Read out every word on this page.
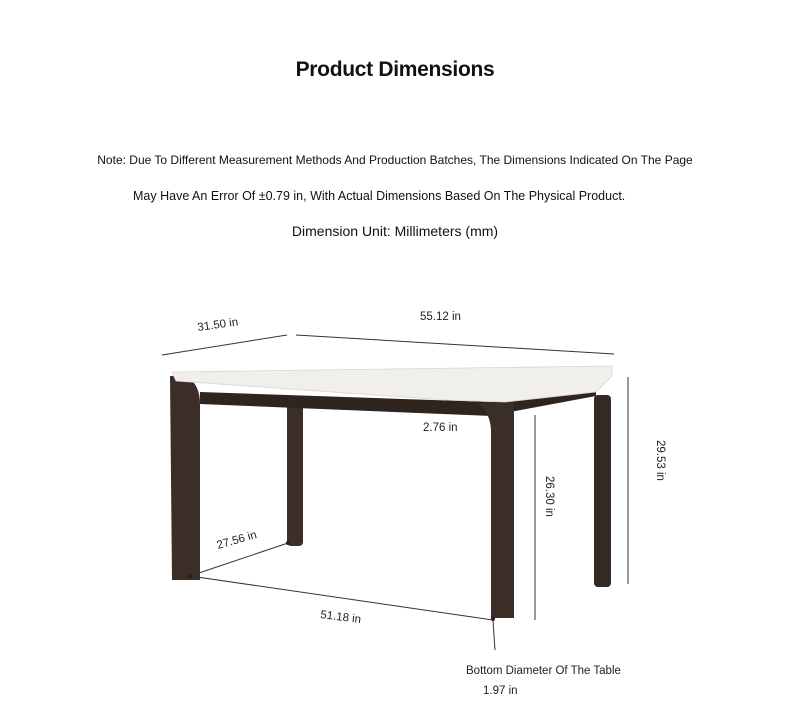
Product Dimensions
Note: Due To Different Measurement Methods And Production Batches, The Dimensions Indicated On The Page
May Have An Error Of ±0.79 in, With Actual Dimensions Based On The Physical Product.
Dimension Unit: Millimeters (mm)
31.50 in	55.12 in
2.76 in
29.53 in
26.30 in
27.56 in
51.18 in
Bottom Diameter Of The Table
1.97 in
